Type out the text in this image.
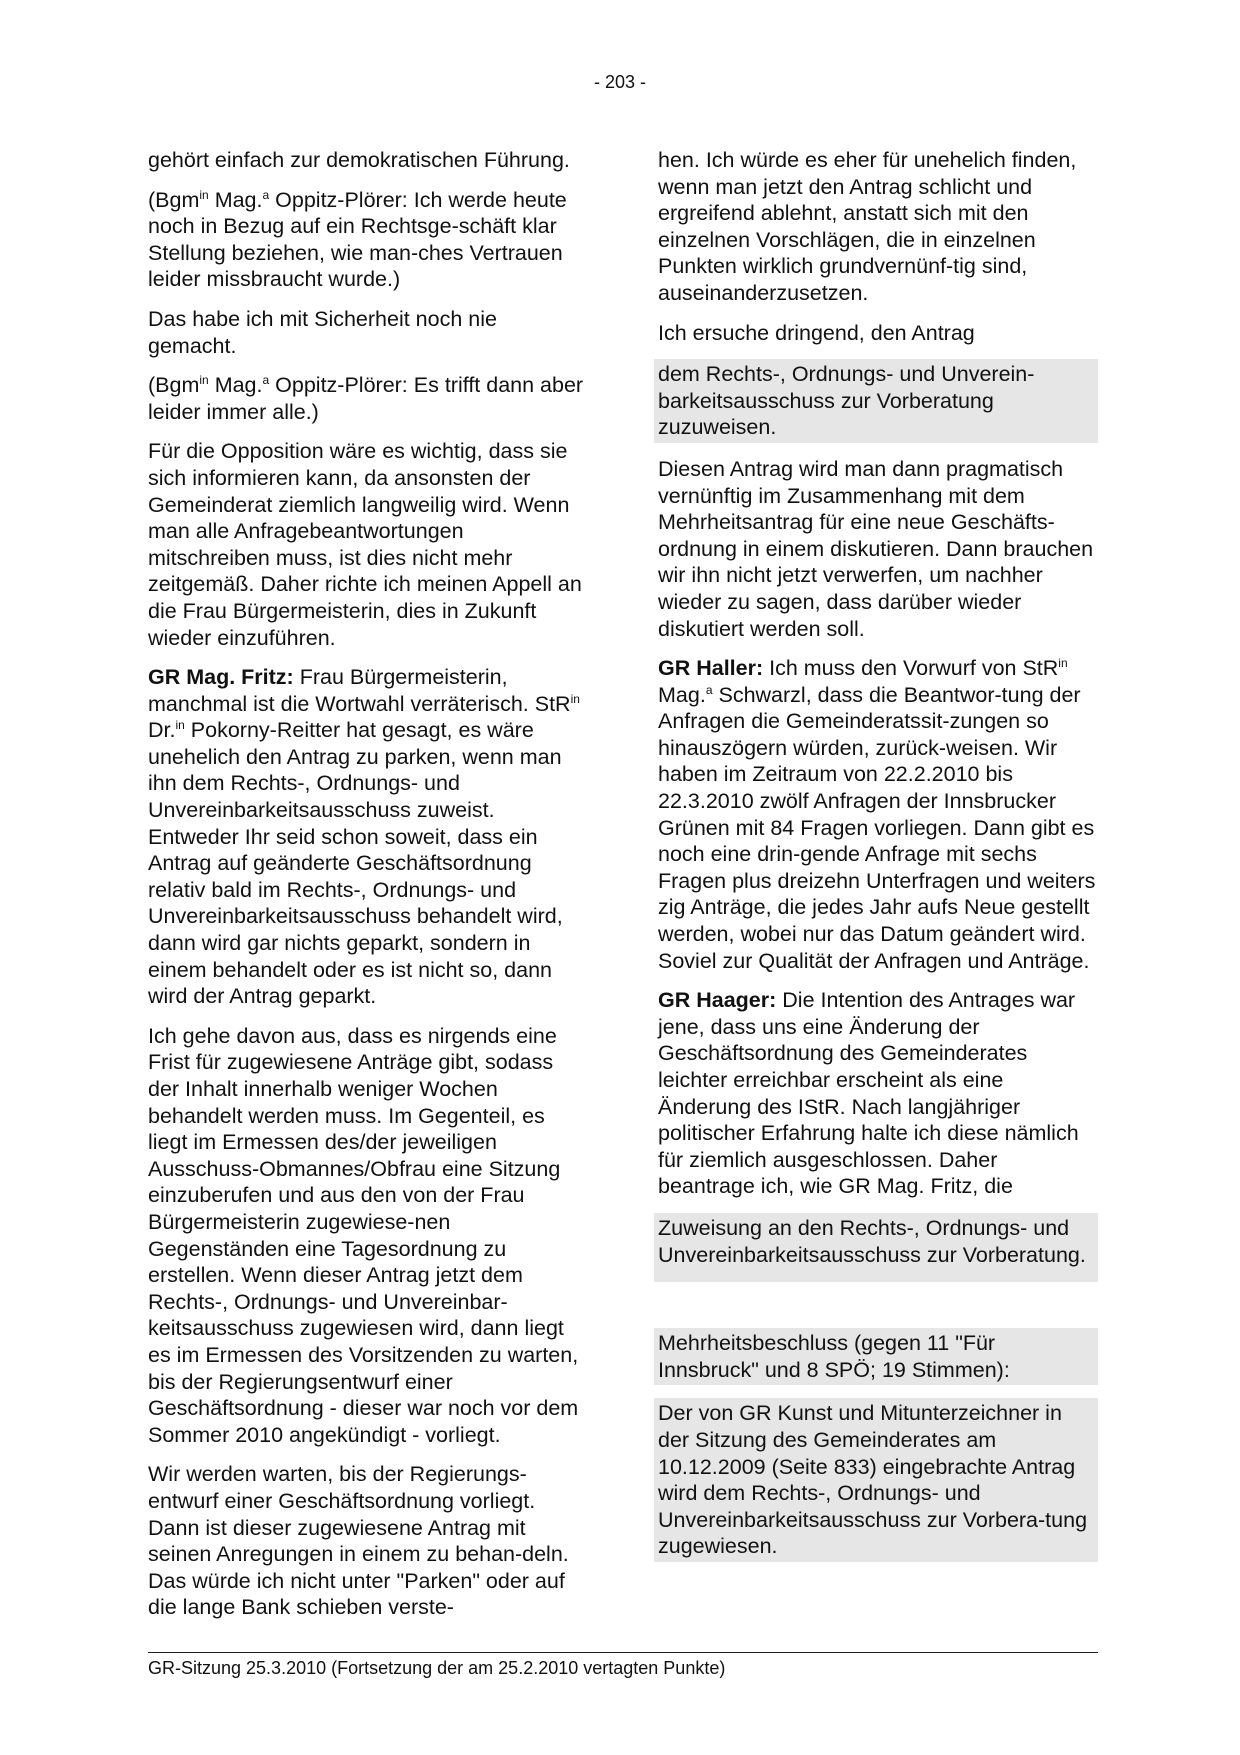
- 203 -

gehört einfach zur demokratischen Führung.

(Bgm$^{in}$ Mag.$^a$ Oppitz-Plörer: Ich werde heute noch in Bezug auf ein Rechtsge-schäft klar Stellung beziehen, wie man-ches Vertrauen leider missbraucht wurde.)

Das habe ich mit Sicherheit noch nie gemacht.

(Bgm$^{in}$ Mag.$^a$ Oppitz-Plörer: Es trifft dann aber leider immer alle.)

Für die Opposition wäre es wichtig, dass sie sich informieren kann, da ansonsten der Gemeinderat ziemlich langweilig wird. Wenn man alle Anfragebeantwortungen mitschreiben muss, ist dies nicht mehr zeitgemäß. Daher richte ich meinen Appell an die Frau Bürgermeisterin, dies in Zukunft wieder einzuführen.

GR Mag. Fritz: Frau Bürgermeisterin, manchmal ist die Wortwahl verräterisch. StR$^{in}$ Dr.$^{in}$ Pokorny-Reitter hat gesagt, es wäre unehelich den Antrag zu parken, wenn man ihn dem Rechts-, Ordnungs- und Unvereinbarkeitsausschuss zuweist. Entweder Ihr seid schon soweit, dass ein Antrag auf geänderte Geschäftsordnung relativ bald im Rechts-, Ordnungs- und Unvereinbarkeitsausschuss behandelt wird, dann wird gar nichts geparkt, sondern in einem behandelt oder es ist nicht so, dann wird der Antrag geparkt.

Ich gehe davon aus, dass es nirgends eine Frist für zugewiesene Anträge gibt, sodass der Inhalt innerhalb weniger Wochen behandelt werden muss. Im Gegenteil, es liegt im Ermessen des/der jeweiligen Ausschuss-Obmannes/Obfrau eine Sitzung einzuberufen und aus den von der Frau Bürgermeisterin zugewiese-nen Gegenständen eine Tagesordnung zu erstellen. Wenn dieser Antrag jetzt dem Rechts-, Ordnungs- und Unvereinbar-keitsausschuss zugewiesen wird, dann liegt es im Ermessen des Vorsitzenden zu warten, bis der Regierungsentwurf einer Geschäftsordnung - dieser war noch vor dem Sommer 2010 angekündigt - vorliegt.

Wir werden warten, bis der Regierungs-entwurf einer Geschäftsordnung vorliegt. Dann ist dieser zugewiesene Antrag mit seinen Anregungen in einem zu behan-deln. Das würde ich nicht unter "Parken" oder auf die lange Bank schieben verste-

hen. Ich würde es eher für unehelich finden, wenn man jetzt den Antrag schlicht und ergreifend ablehnt, anstatt sich mit den einzelnen Vorschlägen, die in einzelnen Punkten wirklich grundvernünf-tig sind, auseinanderzusetzen.

Ich ersuche dringend, den Antrag

dem Rechts-, Ordnungs- und Unverein-barkeitsausschuss zur Vorberatung zuzuweisen.

Diesen Antrag wird man dann pragmatisch vernünftig im Zusammenhang mit dem Mehrheitsantrag für eine neue Geschäfts-ordnung in einem diskutieren. Dann brauchen wir ihn nicht jetzt verwerfen, um nachher wieder zu sagen, dass darüber wieder diskutiert werden soll.

GR Haller: Ich muss den Vorwurf von StR$^{in}$ Mag.$^a$ Schwarzl, dass die Beantwor-tung der Anfragen die Gemeinderatssit-zungen so hinauszögern würden, zurück-weisen. Wir haben im Zeitraum von 22.2.2010 bis 22.3.2010 zwölf Anfragen der Innsbrucker Grünen mit 84 Fragen vorliegen. Dann gibt es noch eine drin-gende Anfrage mit sechs Fragen plus dreizehn Unterfragen und weiters zig Anträge, die jedes Jahr aufs Neue gestellt werden, wobei nur das Datum geändert wird. Soviel zur Qualität der Anfragen und Anträge.

GR Haager: Die Intention des Antrages war jene, dass uns eine Änderung der Geschäftsordnung des Gemeinderates leichter erreichbar erscheint als eine Änderung des IStR. Nach langjähriger politischer Erfahrung halte ich diese nämlich für ziemlich ausgeschlossen. Daher beantrage ich, wie GR Mag. Fritz, die

Zuweisung an den Rechts-, Ordnungs- und Unvereinbarkeitsausschuss zur Vorberatung.
Mehrheitsbeschluss (gegen 11 "Für Innsbruck" und 8 SPÖ; 19 Stimmen):
Der von GR Kunst und Mitunterzeichner in der Sitzung des Gemeinderates am 10.12.2009 (Seite 833) eingebrachte Antrag wird dem Rechts-, Ordnungs- und Unvereinbarkeitsausschuss zur Vorbera-tung zugewiesen.
GR-Sitzung 25.3.2010 (Fortsetzung der am 25.2.2010 vertagten Punkte)
